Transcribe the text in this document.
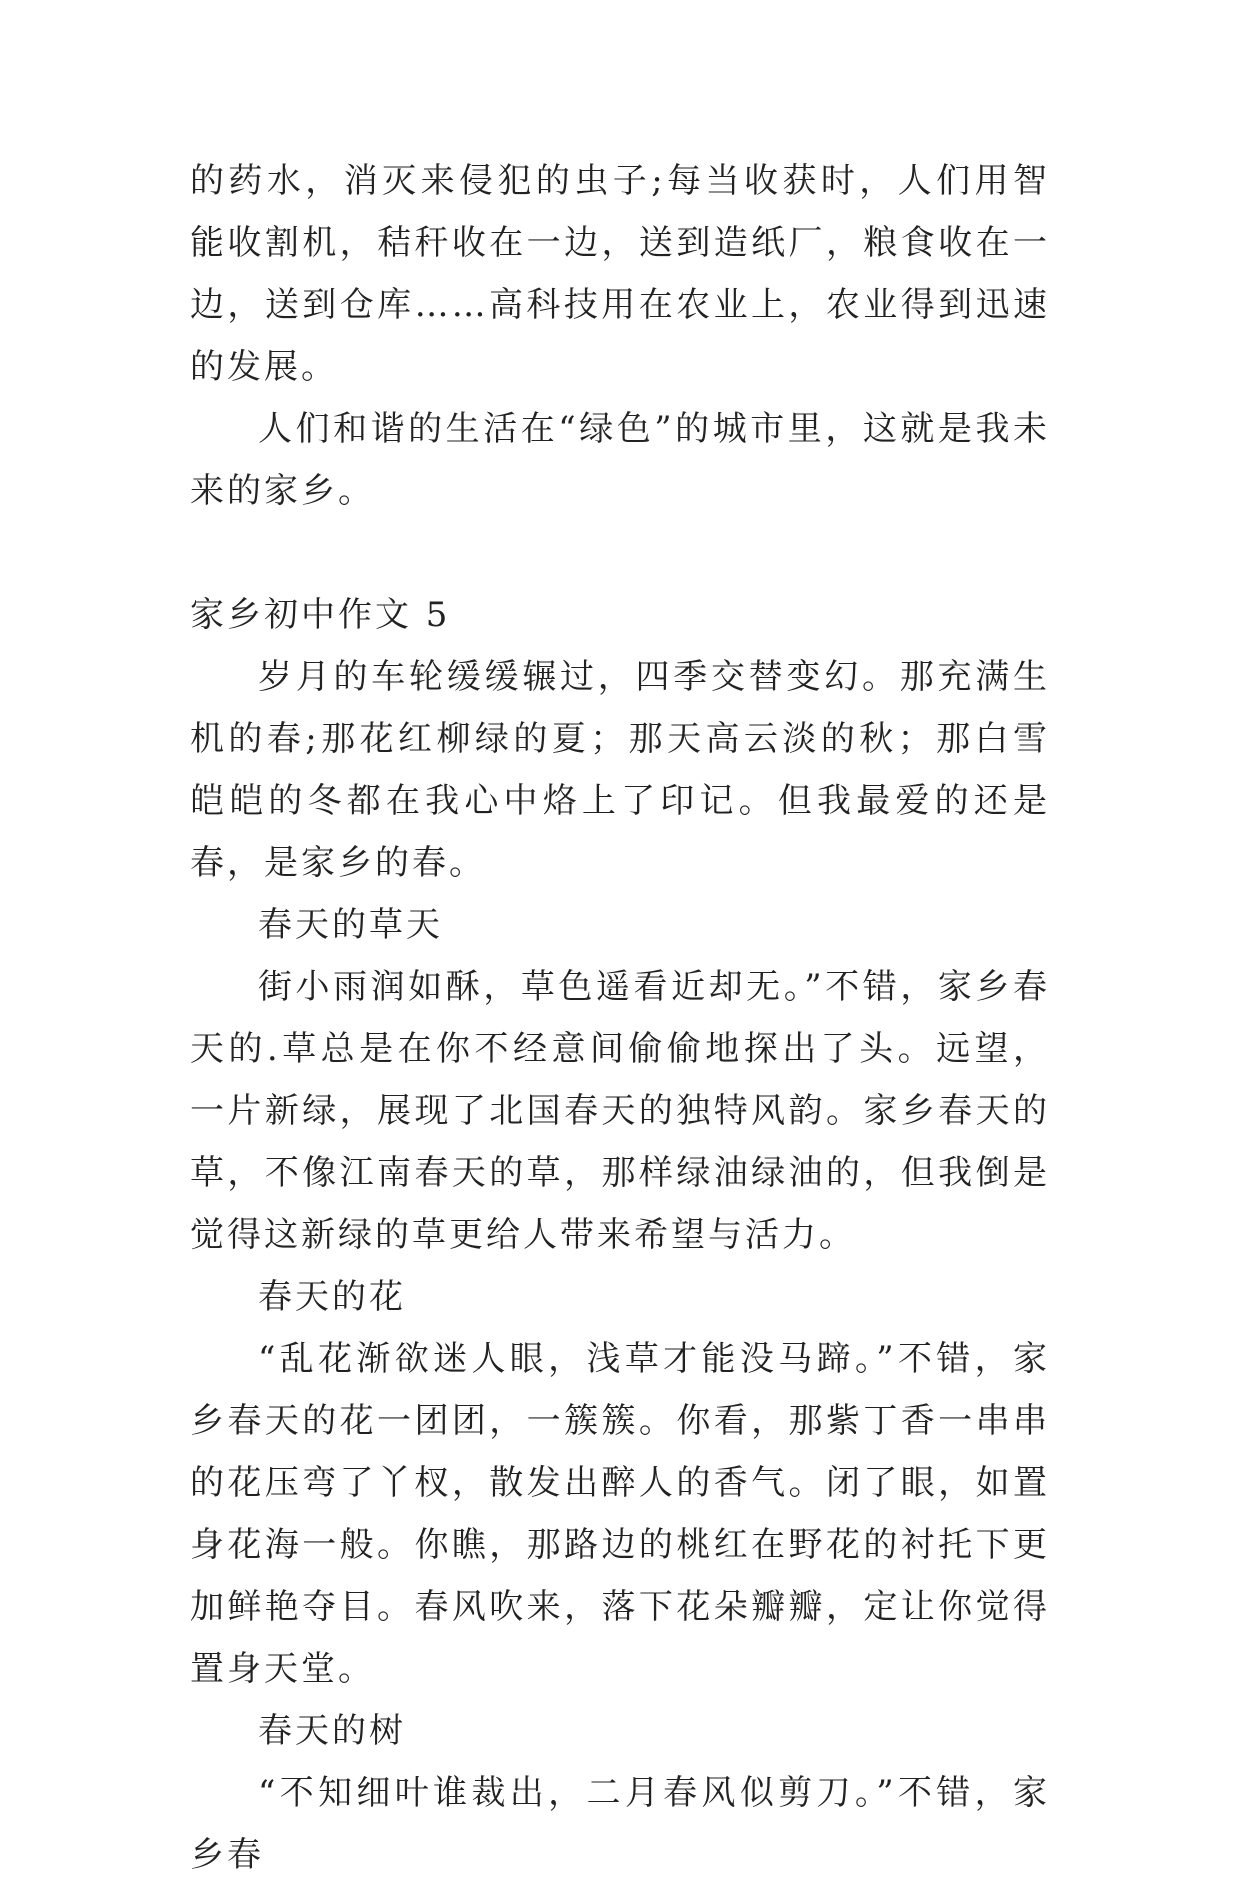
的药水，消灭来侵犯的虫子;每当收获时，人们用智能收割机，秸秆收在一边，送到造纸厂，粮食收在一边，送到仓库……高科技用在农业上，农业得到迅速的发展。

人们和谐的生活在“绿色”的城市里，这就是我未来的家乡。

家乡初中作文 5

岁月的车轮缓缓辗过，四季交替变幻。那充满生机的春;那花红柳绿的夏；那天高云淡的秋；那白雪皑皑的冬都在我心中烙上了印记。但我最爱的还是春，是家乡的春。

春天的草天

街小雨润如酥，草色遥看近却无。”不错，家乡春天的.草总是在你不经意间偷偷地探出了头。远望，一片新绿，展现了北国春天的独特风韵。家乡春天的草，不像江南春天的草，那样绿油绿油的，但我倒是觉得这新绿的草更给人带来希望与活力。

春天的花

“乱花渐欲迷人眼，浅草才能没马蹄。”不错，家乡春天的花一团团，一簇簇。你看，那紫丁香一串串的花压弯了丫杈，散发出醉人的香气。闭了眼，如置身花海一般。你瞧，那路边的桃红在野花的衬托下更加鲜艳夺目。春风吹来，落下花朵瓣瓣，定让你觉得置身天堂。

春天的树

“不知细叶谁裁出，二月春风似剪刀。”不错，家乡春
